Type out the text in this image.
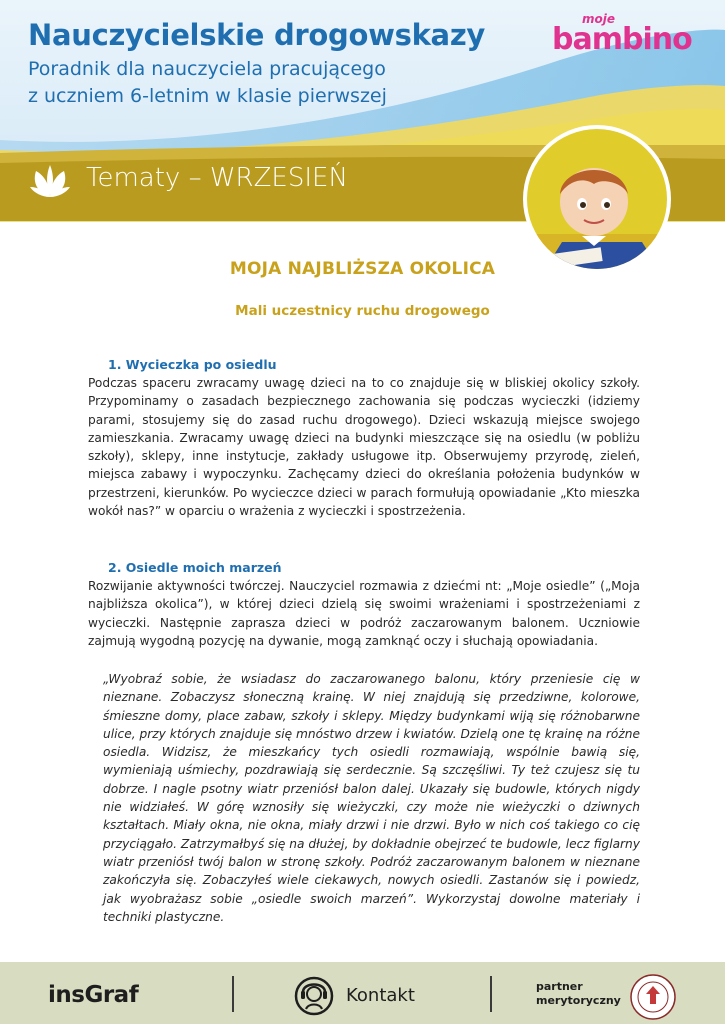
Nauczycielskie drogowskazy
Poradnik dla nauczyciela pracującego
z uczniem 6-letnim w klasie pierwszej
moje
bambino
Tematy – WRZESIEŃ
MOJA NAJBLIŻSZA OKOLICA
Mali uczestnicy ruchu drogowego
1. Wycieczka po osiedlu

Podczas spaceru zwracamy uwagę dzieci na to co znajduje się w bliskiej okolicy szkoły. Przypominamy o zasadach bezpiecznego zachowania się podczas wycieczki (idziemy parami, stosujemy się do zasad ruchu drogowego). Dzieci wskazują miejsce swojego zamieszkania. Zwracamy uwagę dzieci na budynki mieszczące się na osiedlu (w pobliżu szkoły), sklepy, inne instytucje, zakłady usługowe itp. Obserwujemy przyrodę, zieleń, miejsca zabawy i wypoczynku. Zachęcamy dzieci do określania położenia budynków w przestrzeni, kierunków. Po wycieczce dzieci w parach formułują opowiadanie „Kto mieszka wokół nas?” w oparciu o wrażenia z wycieczki i spostrzeżenia.

2. Osiedle moich marzeń

Rozwijanie aktywności twórczej. Nauczyciel rozmawia z dziećmi nt: „Moje osiedle” („Moja najbliższa okolica”), w której dzieci dzielą się swoimi wrażeniami i spostrzeżeniami z wycieczki. Następnie zaprasza dzieci w podróż zaczarowanym balonem. Uczniowie zajmują wygodną pozycję na dywanie, mogą zamknąć oczy i słuchają opowiadania.

„Wyobraź sobie, że wsiadasz do zaczarowanego balonu, który przeniesie cię w nieznane. Zobaczysz słoneczną krainę. W niej znajdują się przedziwne, kolorowe, śmieszne domy, place zabaw, szkoły i sklepy. Między budynkami wiją się różnobarwne ulice, przy których znajduje się mnóstwo drzew i kwiatów. Dzielą one tę krainę na różne osiedla. Widzisz, że mieszkańcy tych osiedli rozmawiają, wspólnie bawią się, wymieniają uśmiechy, pozdrawiają się serdecznie. Są szczęśliwi. Ty też czujesz się tu dobrze. I nagle psotny wiatr przeniósł balon dalej. Ukazały się budowle, których nigdy nie widziałeś. W górę wznosiły się wieżyczki, czy może nie wieżyczki o dziwnych kształtach. Miały okna, nie okna, miały drzwi i nie drzwi. Było w nich coś takiego co cię przyciągało. Zatrzymałbyś się na dłużej, by dokładnie obejrzeć te budowle, lecz figlarny wiatr przeniósł twój balon w stronę szkoły. Podróż zaczarowanym balonem w nieznane zakończyła się. Zobaczyłeś wiele ciekawych, nowych osiedli. Zastanów się i powiedz, jak wyobrażasz sobie „osiedle swoich marzeń”. Wykorzystaj dowolne materiały i techniki plastyczne.

insGraf	Kontakt	partner
merytoryczny
